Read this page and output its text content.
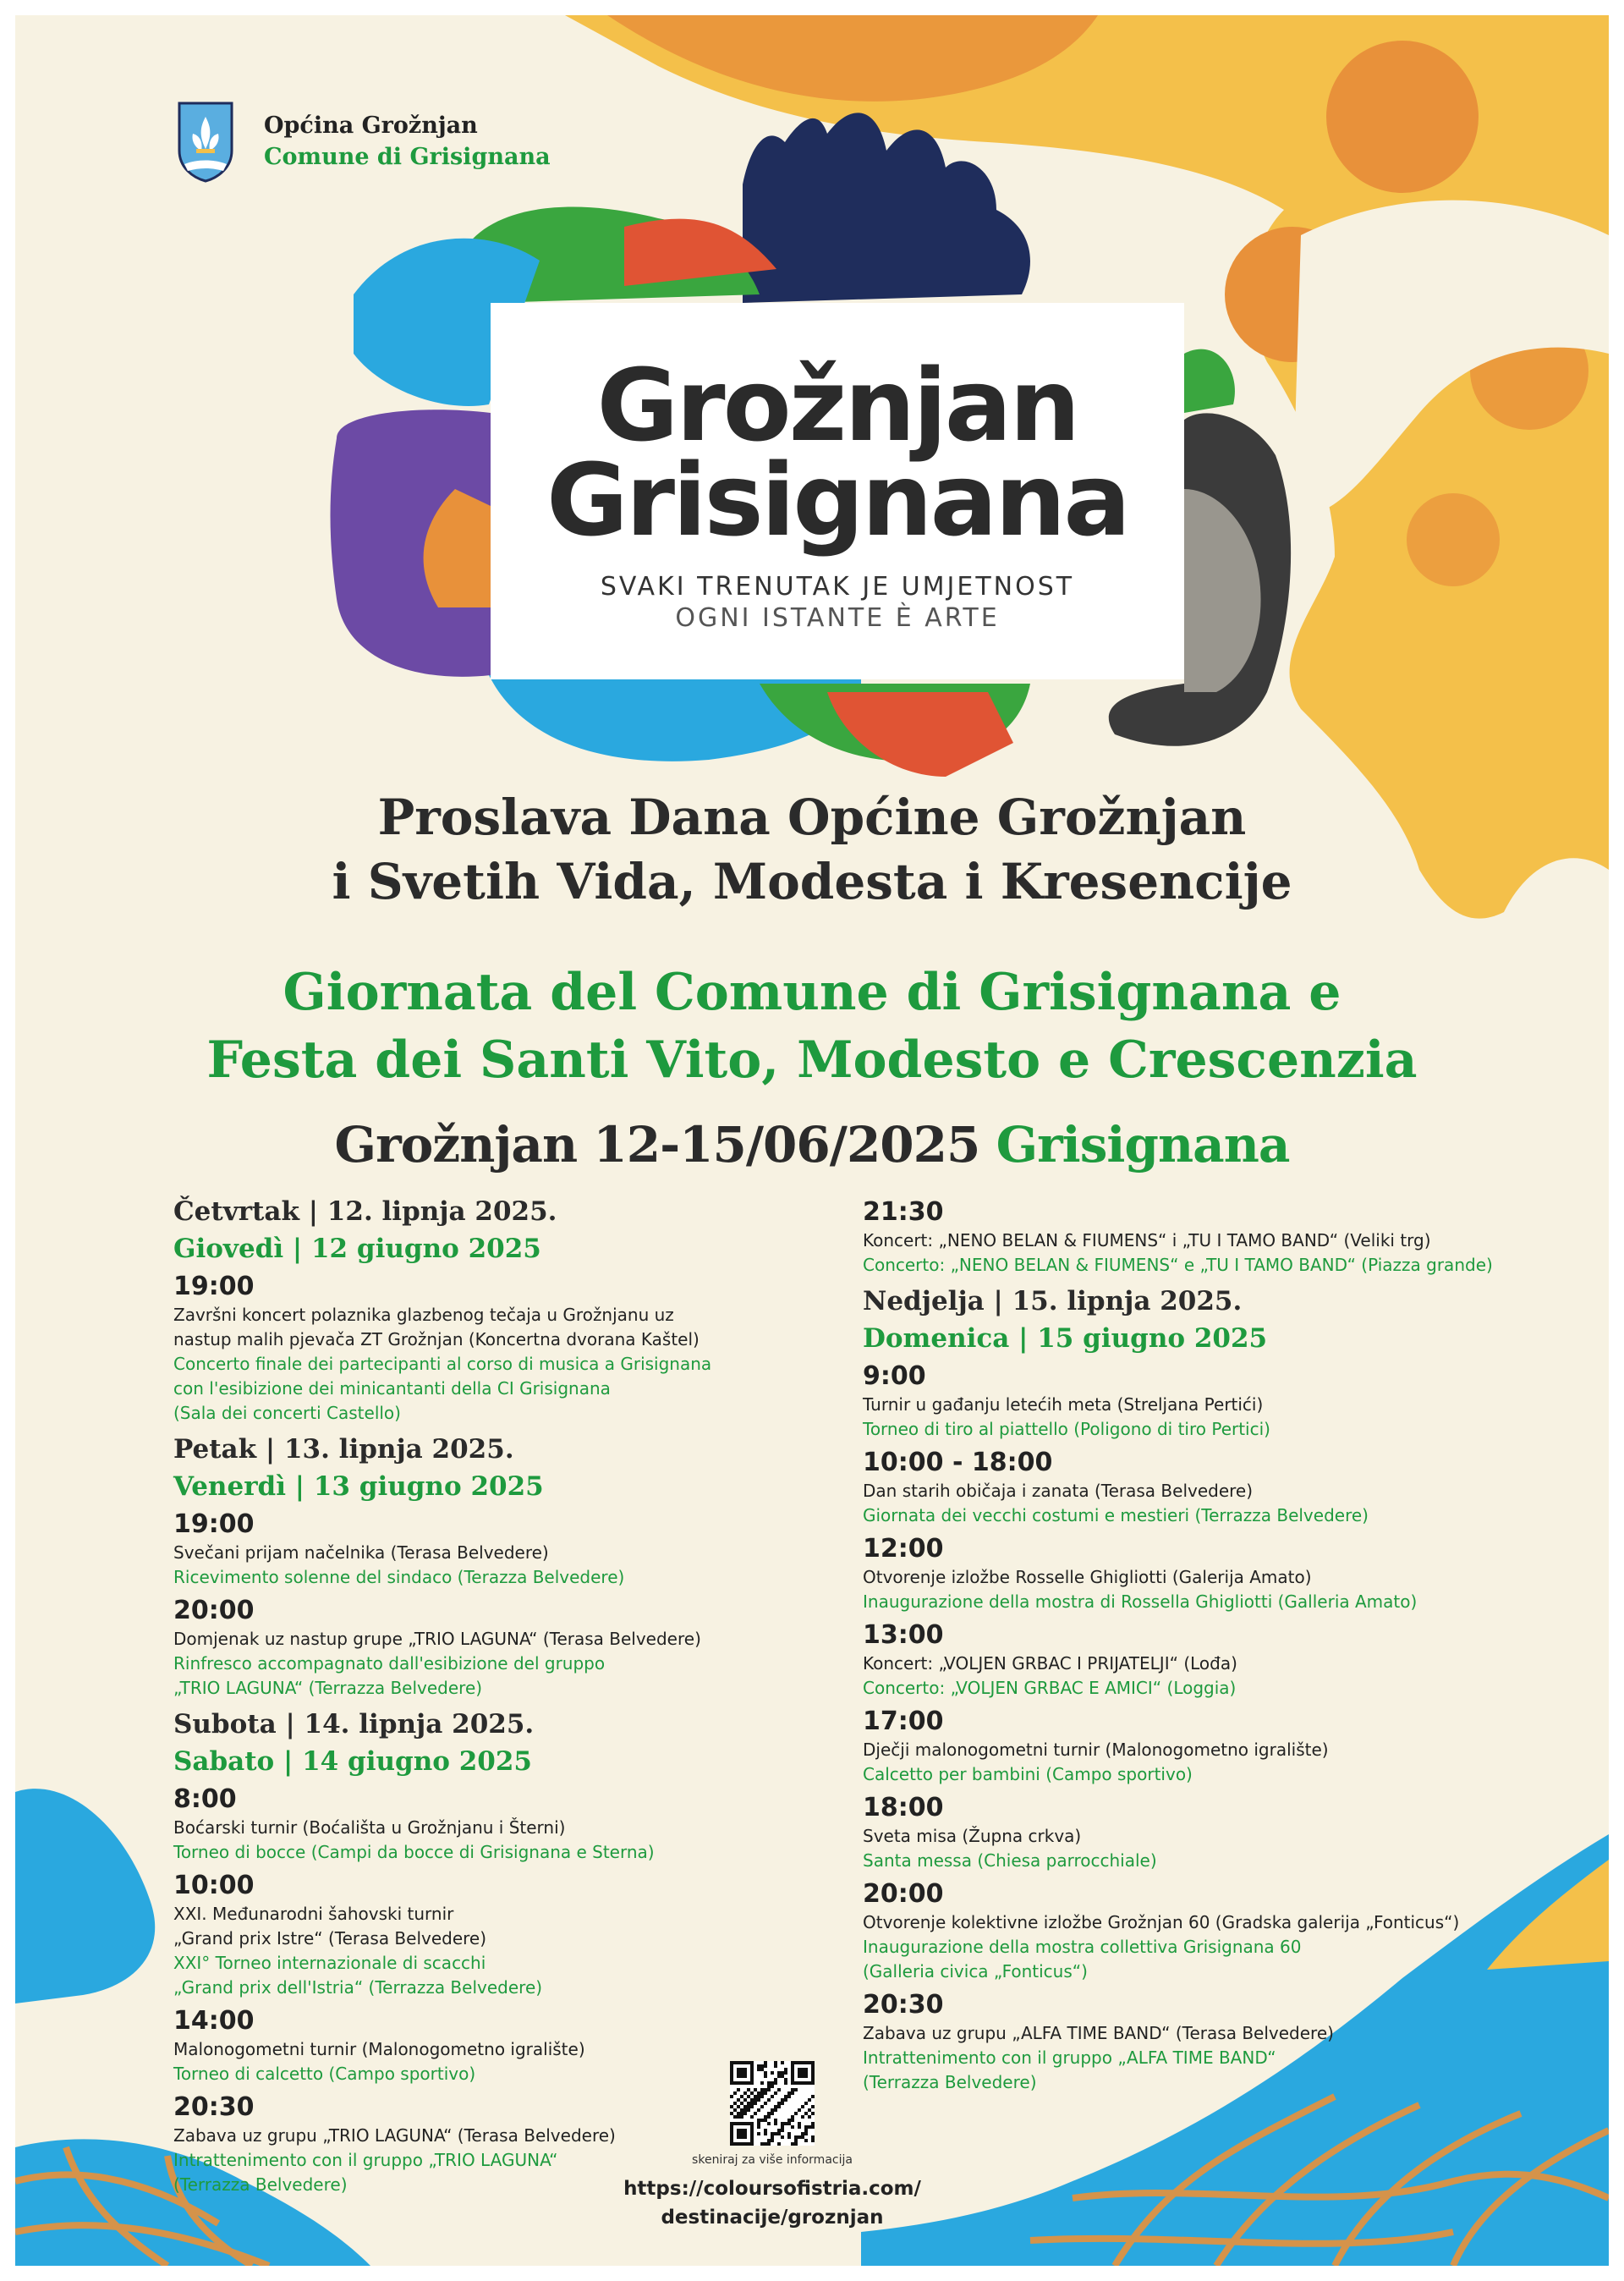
Općina Grožnjan
Comune di Grisignana
Grožnjan
Grisignana
SVAKI TRENUTAK JE UMJETNOST
OGNI ISTANTE È ARTE
Proslava Dana Općine Grožnjan
i Svetih Vida, Modesta i Kresencije
Giornata del Comune di Grisignana e
Festa dei Santi Vito, Modesto e Crescenzia
Grožnjan 12-15/06/2025 Grisignana
Četvrtak | 12. lipnja 2025.
Giovedì | 12 giugno 2025
19:00
Završni koncert polaznika glazbenog tečaja u Grožnjanu uz
nastup malih pjevača ZT Grožnjan (Koncertna dvorana Kaštel)
Concerto finale dei partecipanti al corso di musica a Grisignana
con l'esibizione dei minicantanti della CI Grisignana
(Sala dei concerti Castello)
Petak | 13. lipnja 2025.
Venerdì | 13 giugno 2025
19:00
Svečani prijam načelnika (Terasa Belvedere)
Ricevimento solenne del sindaco (Terazza Belvedere)
20:00
Domjenak uz nastup grupe „TRIO LAGUNA“ (Terasa Belvedere)
Rinfresco accompagnato dall'esibizione del gruppo
„TRIO LAGUNA“ (Terrazza Belvedere)
Subota | 14. lipnja 2025.
Sabato | 14 giugno 2025
8:00
Boćarski turnir (Boćališta u Grožnjanu i Šterni)
Torneo di bocce (Campi da bocce di Grisignana e Sterna)
10:00
XXI. Međunarodni šahovski turnir
„Grand prix Istre“ (Terasa Belvedere)
XXI° Torneo internazionale di scacchi
„Grand prix dell'Istria“ (Terrazza Belvedere)
14:00
Malonogometni turnir (Malonogometno igralište)
Torneo di calcetto (Campo sportivo)
20:30
Zabava uz grupu „TRIO LAGUNA“ (Terasa Belvedere)
Intrattenimento con il gruppo „TRIO LAGUNA“
(Terrazza Belvedere)
21:30
Koncert: „NENO BELAN & FIUMENS“ i „TU I TAMO BAND“ (Veliki trg)
Concerto: „NENO BELAN & FIUMENS“ e „TU I TAMO BAND“ (Piazza grande)
Nedjelja | 15. lipnja 2025.
Domenica | 15 giugno 2025
9:00
Turnir u gađanju letećih meta (Streljana Pertići)
Torneo di tiro al piattello (Poligono di tiro Pertici)
10:00 - 18:00
Dan starih običaja i zanata (Terasa Belvedere)
Giornata dei vecchi costumi e mestieri (Terrazza Belvedere)
12:00
Otvorenje izložbe Rosselle Ghigliotti (Galerija Amato)
Inaugurazione della mostra di Rossella Ghigliotti (Galleria Amato)
13:00
Koncert: „VOLJEN GRBAC I PRIJATELJI“ (Lođa)
Concerto: „VOLJEN GRBAC E AMICI“ (Loggia)
17:00
Dječji malonogometni turnir (Malonogometno igralište)
Calcetto per bambini (Campo sportivo)
18:00
Sveta misa (Župna crkva)
Santa messa (Chiesa parrocchiale)
20:00
Otvorenje kolektivne izložbe Grožnjan 60 (Gradska galerija „Fonticus“)
Inaugurazione della mostra collettiva Grisignana 60
(Galleria civica „Fonticus“)
20:30
Zabava uz grupu „ALFA TIME BAND“ (Terasa Belvedere)
Intrattenimento con il gruppo „ALFA TIME BAND“
(Terrazza Belvedere)
skeniraj za više informacija
https://coloursofistria.com/
destinacije/groznjan
